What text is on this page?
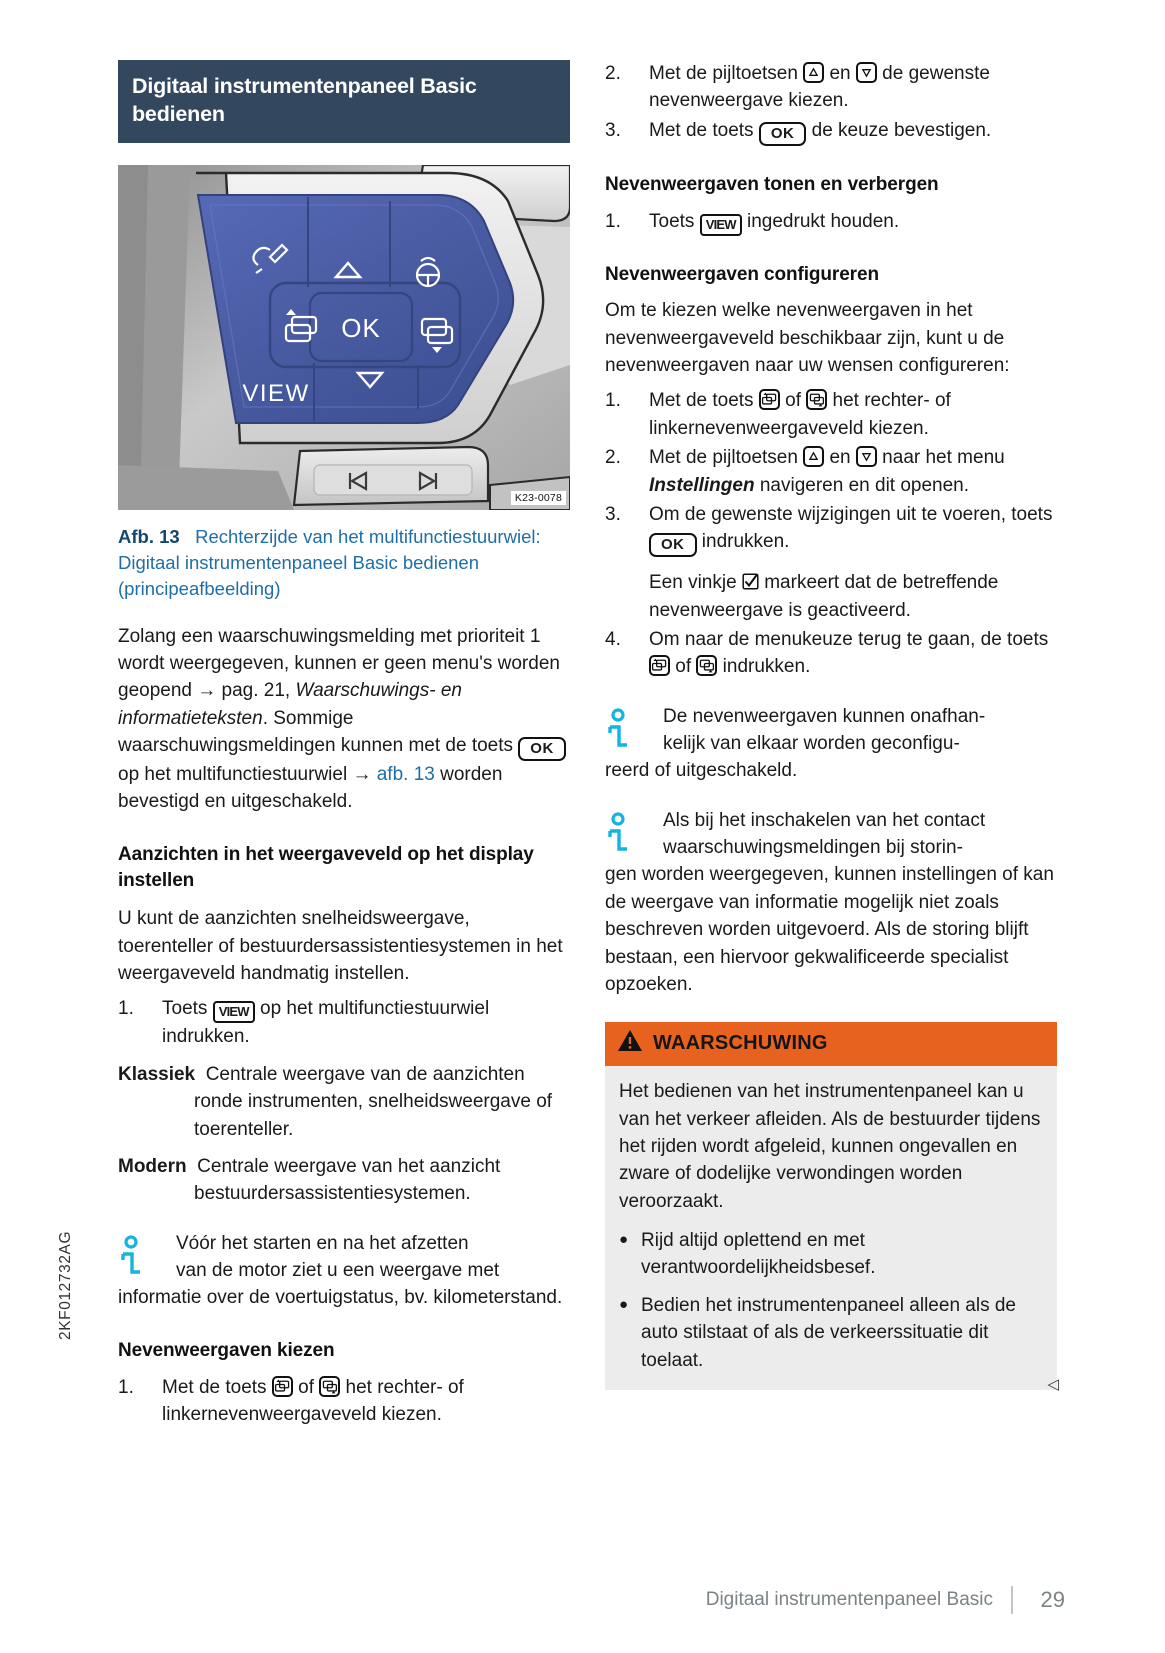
Digitaal instrumentenpaneel Basic bedienen
OK
VIEW
K23-0078
Afb. 13 Rechterzijde van het multifunctiestuurwiel: Digitaal instrumentenpaneel Basic bedienen (principeafbeelding)

Zolang een waarschuwingsmelding met prioriteit 1 wordt weergegeven, kunnen er geen menu's worden geopend → pag. 21, Waarschuwings- en informatieteksten. Sommige waarschuwingsmeldingen kunnen met de toets OK op het multifunctiestuurwiel → afb. 13 worden bevestigd en uitgeschakeld.

Aanzichten in het weergaveveld op het display instellen

U kunt de aanzichten snelheidsweergave, toerenteller of bestuurdersassistentiesystemen in het weergaveveld handmatig instellen.

1.	Toets VIEW op het multifunctiestuurwiel indrukken.
Klassiek Centrale weergave van de aanzichten ronde instrumenten, snelheidsweergave of toerenteller.
Modern Centrale weergave van het aanzicht bestuurdersassistentiesystemen.
Vóór het starten en na het afzetten
van de motor ziet u een weergave met
informatie over de voertuigstatus, bv. kilometerstand.
Nevenweergaven kiezen
1.	Met de toets
of
het rechter- of linkernevenweergaveveld kiezen.
2.	Met de pijltoetsen
en
de gewenste nevenweergave kiezen.
3.	Met de toets OK de keuze bevestigen.
Nevenweergaven tonen en verbergen
1.	Toets VIEW ingedrukt houden.
Nevenweergaven configureren

Om te kiezen welke nevenweergaven in het nevenweergaveveld beschikbaar zijn, kunt u de nevenweergaven naar uw wensen configureren:

1.	Met de toets
of
het rechter- of linkernevenweergaveveld kiezen.
2.	Met de pijltoetsen
en
naar het menu Instellingen navigeren en dit openen.
3.	Om de gewenste wijzigingen uit te voeren, toets OK indrukken.
Een vinkje
markeert dat de betreffende nevenweergave is geactiveerd.
4.	Om naar de menukeuze terug te gaan, de toets
of
indrukken.
De nevenweergaven kunnen onafhan-
kelijk van elkaar worden geconfigu-
reerd of uitgeschakeld.
Als bij het inschakelen van het contact
waarschuwingsmeldingen bij storin-
gen worden weergegeven, kunnen instellingen of kan de weergave van informatie mogelijk niet zoals beschreven worden uitgevoerd. Als de storing blijft bestaan, een hiervoor gekwalificeerde specialist opzoeken.
WAARSCHUWING

Het bedienen van het instrumentenpaneel kan u van het verkeer afleiden. Als de bestuurder tijdens het rijden wordt afgeleid, kunnen ongevallen en zware of dodelijke verwondingen worden veroorzaakt.

● Rijd altijd oplettend en met verantwoordelijkheidsbesef.
● Bedien het instrumentenpaneel alleen als de auto stilstaat of als de verkeerssituatie dit toelaat.
◁
2KF012732AG
Digitaal instrumentenpaneel Basic	29
